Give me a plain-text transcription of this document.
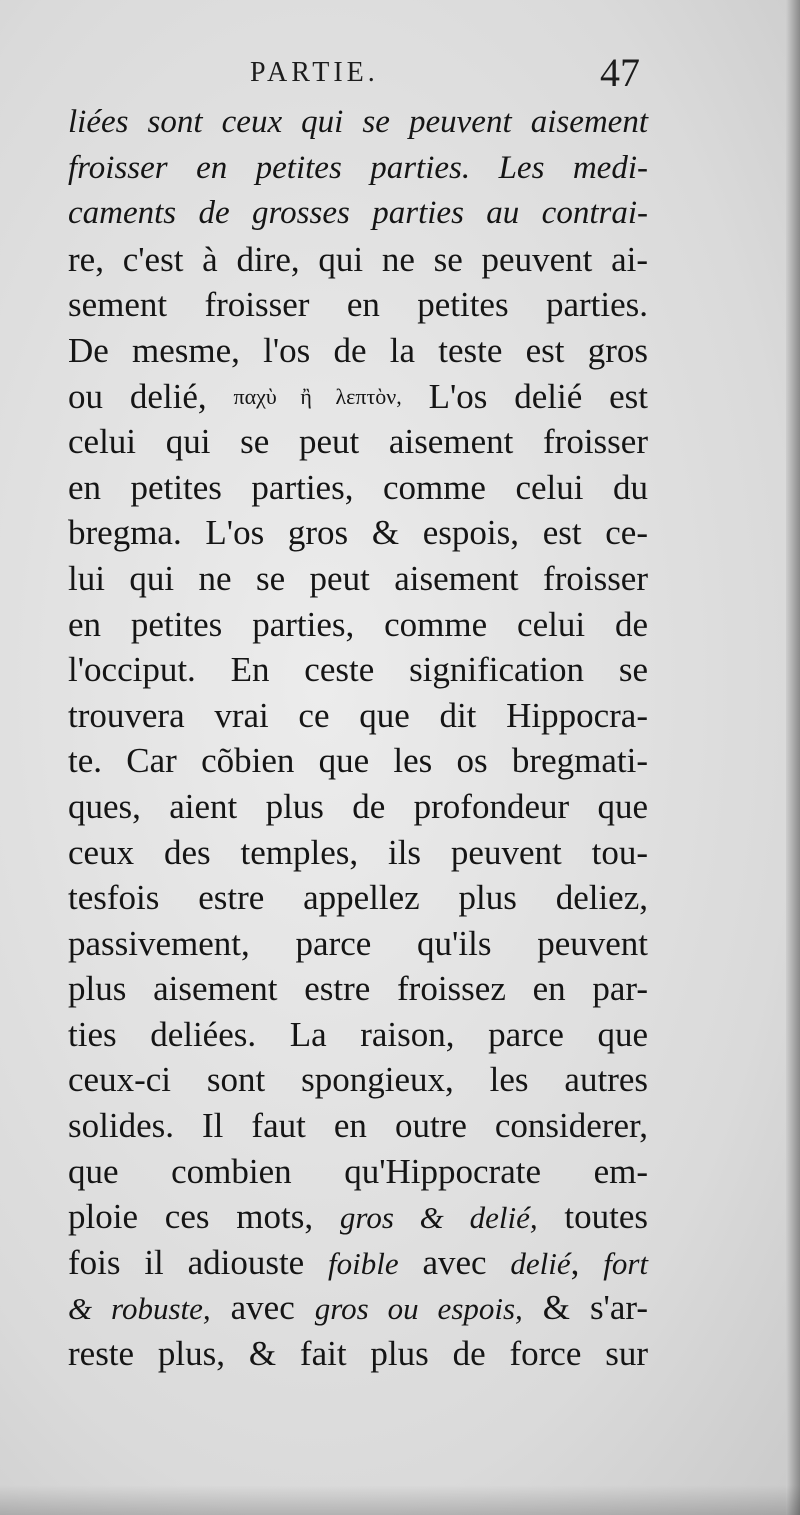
PARTIE.	47
liées sont ceux qui se peuvent aisement
froisser en petites parties. Les medi-
caments de grosses parties au contrai-
re, c'est à dire, qui ne se peuvent ai-
sement froisser en petites parties.
De mesme, l'os de la teste est gros
ou delié, παχὺ ἢ λεπτὸν, L'os delié est
celui qui se peut aisement froisser
en petites parties, comme celui du
bregma. L'os gros & espois, est ce-
lui qui ne se peut aisement froisser
en petites parties, comme celui de
l'occiput. En ceste signification se
trouvera vrai ce que dit Hippocra-
te. Car cõbien que les os bregmati-
ques, aient plus de profondeur que
ceux des temples, ils peuvent tou-
tesfois estre appellez plus deliez,
passivement, parce qu'ils peuvent
plus aisement estre froissez en par-
ties deliées. La raison, parce que
ceux-ci sont spongieux, les autres
solides. Il faut en outre considerer,
que combien qu'Hippocrate em-
ploie ces mots, gros & delié, toutes
fois il adiouste foible avec delié, fort
& robuste, avec gros ou espois, & s'ar-
reste plus, & fait plus de force sur
